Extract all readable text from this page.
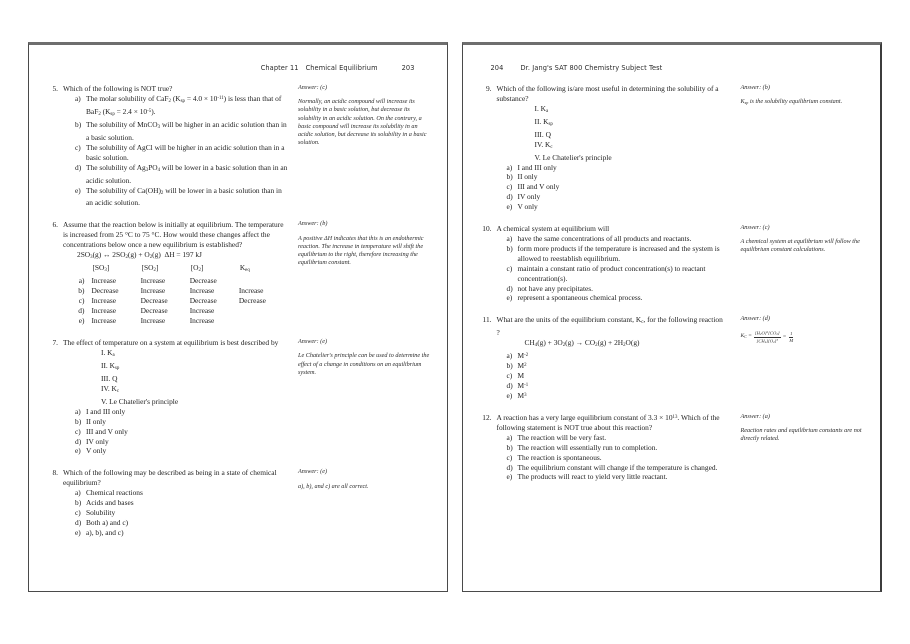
Chapter 11 Chemical Equilibrium	203
5. Which of the following is NOT true?
a) The molar solubility of CaF$_2$ $(K_{sp} = 4.0 \times 10^{-11})$ is less than that of BaF$_2$ $(K_{sp} = 2.4 \times 10^{-5})$.
b) The solubility of MnCO$_3$ will be higher in an acidic solution than in a basic solution.
c) The solubility of AgCl will be higher in an acidic solution than in a basic solution.
d) The solubility of $Ag_3PO_4$ will be lower in a basic solution than in an acidic solution.
e) The solubility of $Ca(OH)_2$ will be lower in a basic solution than in an acidic solution.

Answer: (c)

Normally, an acidic compound will increase its solubility in a basic solution, but decrease its solubility in an acidic solution. On the contrary, a basic compound will increase its solubility in an acidic solution, but decrease its solubility in a basic solution.

6. Assume that the reaction below is initially at equilibrium. The temperature is increased from 25 °C to 75 °C. How would these changes affect the concentrations below once a new equilibrium is established?
$2SO_3(g)$ ↔ $2SO_2(g) + O_2(g) \Delta H = 197$ kJ
	$[SO_3]$	$[SO_2]$	$[O_2]$	$K_{eq}$
a)	Increase	Increase	Decrease	
b)	Decrease	Increase	Increase	Increase
c)	Increase	Decrease	Decrease	Decrease
d)	Increase	Decrease	Increase	
e)	Increase	Increase	Increase	

Answer: (b)

A positive ΔH indicates that this is an endothermic reaction. The increase in temperature will shift the equilibrium to the right, therefore increasing the equilibrium constant.

7. The effect of temperature on a system at equilibrium is best described by
I. $K_a$
II. $K_{sp}$
III. Q
IV. $K_c$
V. Le Chatelier's principle
a) I and III only
b) II only
c) III and V only
d) IV only
e) V only

Answer: (e)

Le Chatelier's principle can be used to determine the effect of a change in conditions on an equilibrium system.

8. Which of the following may be described as being in a state of chemical equilibrium?
a) Chemical reactions
b) Acids and bases
c) Solubility
d) Both a) and c)
e) a), b), and c)

Answer: (e)

a), b), and c) are all correct.

204	Dr. Jang's SAT 800 Chemistry Subject Test
9. Which of the following is/are most useful in determining the solubility of a substance?
I. $K_a$
II. $K_{sp}$
III. Q
IV. $K_c$
V. Le Chatelier's principle
a) I and III only
b) II only
c) III and V only
d) IV only
e) V only

Answer: (b)

$K_{sp}$ is the solubility equilibrium constant.

10. A chemical system at equilibrium will
a) have the same concentrations of all products and reactants.
b) form more products if the temperature is increased and the system is allowed to reestablish equilibrium.
c) maintain a constant ratio of product concentration(s) to reactant concentration(s).
d) not have any precipitates.
e) represent a spontaneous chemical process.

Answer: (c)

A chemical system at equilibrium will follow the equilibrium constant calculations.

11. What are the units of the equilibrium constant, $K_c$, for the following reaction ?
$CH_4(g) + 3O_2(g) \to CO_2(g) + 2H_2O(g)$
a) $M^{-2}$
b) $M^2$
c) M
d) $M^{-1}$
e) $M^3$

Answer: (d)

$K_C = \frac{[H_2O]^2[CO_2]}{[CH_4][O_2]^3} = \frac{1}{M}$
12. A reaction has a very large equilibrium constant of $3.3 \times 10^{13}$. Which of the following statement is NOT true about this reaction?
a) The reaction will be very fast.
b) The reaction will essentially run to completion.
c) The reaction is spontaneous.
d) The equilibrium constant will change if the temperature is changed.
e) The products will react to yield very little reactant.

Answer: (a)

Reaction rates and equilibrium constants are not directly related.
